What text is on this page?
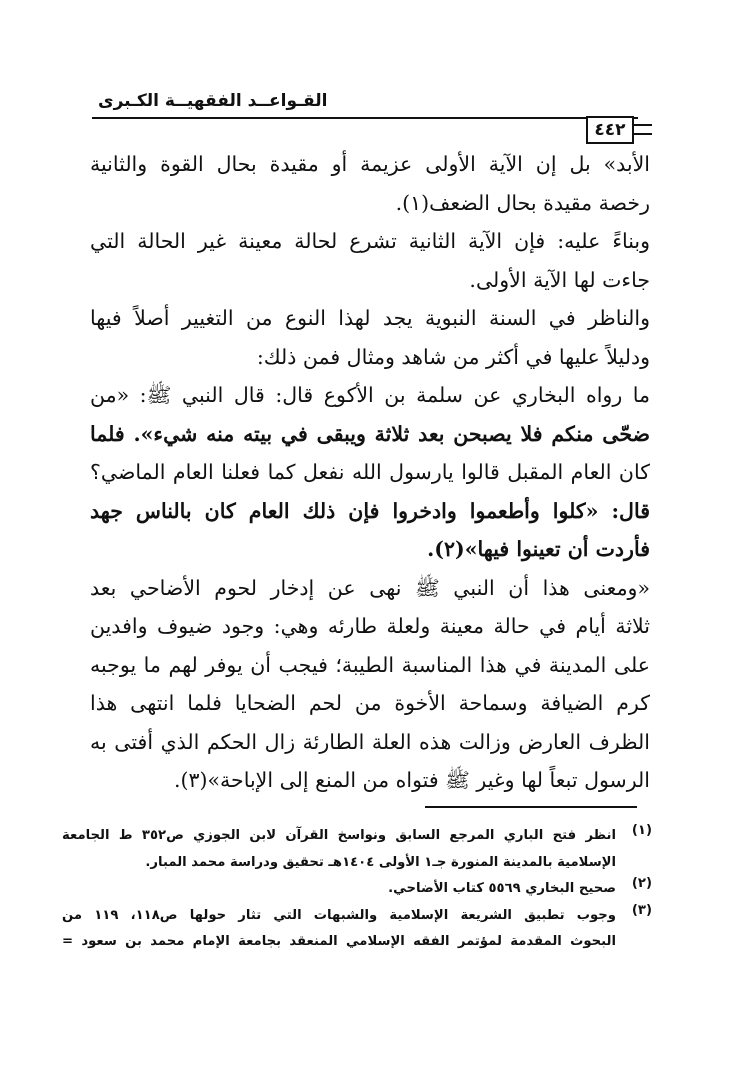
القـواعــد الفقهيــة الكـبرى
٤٤٢
الأبد» بل إن الآية الأولى عزيمة أو مقيدة بحال القوة والثانية
رخصة مقيدة بحال الضعف(١).
وبناءً عليه: فإن الآية الثانية تشرع لحالة معينة غير الحالة التي
جاءت لها الآية الأولى.
والناظر في السنة النبوية يجد لهذا النوع من التغيير أصلاً فيها
ودليلاً عليها في أكثر من شاهد ومثال فمن ذلك:
ما رواه البخاري عن سلمة بن الأكوع قال: قال النبي ﷺ: «من
ضحّى منكم فلا يصبحن بعد ثلاثة ويبقى في بيته منه شيء». فلما
كان العام المقبل قالوا يارسول الله نفعل كما فعلنا العام الماضي؟
قال: «كلوا وأطعموا وادخروا فإن ذلك العام كان بالناس جهد
فأردت أن تعينوا فيها»(٢).
«ومعنى هذا أن النبي ﷺ نهى عن إدخار لحوم الأضاحي بعد
ثلاثة أيام في حالة معينة ولعلة طارئه وهي: وجود ضيوف وافدين
على المدينة في هذا المناسبة الطيبة؛ فيجب أن يوفر لهم ما يوجبه
كرم الضيافة وسماحة الأخوة من لحم الضحايا فلما انتهى هذا
الظرف العارض وزالت هذه العلة الطارئة زال الحكم الذي أفتى به
الرسول تبعاً لها وغير ﷺ فتواه من المنع إلى الإباحة»(٣).
(١)
انظر فتح الباري المرجع السابق ونواسخ القرآن لابن الجوزي ص٣٥٢ ط الجامعة
الإسلامية بالمدينة المنورة جـ١ الأولى ١٤٠٤هـ تحقيق ودراسة محمد المبار.
(٢)
صحيح البخاري ٥٥٦٩ كتاب الأضاحي.
(٣)
وجوب تطبيق الشريعة الإسلامية والشبهات التي تثار حولها ص١١٨، ١١٩ من
البحوث المقدمة لمؤتمر الفقه الإسلامي المنعقد بجامعة الإمام محمد بن سعود =
